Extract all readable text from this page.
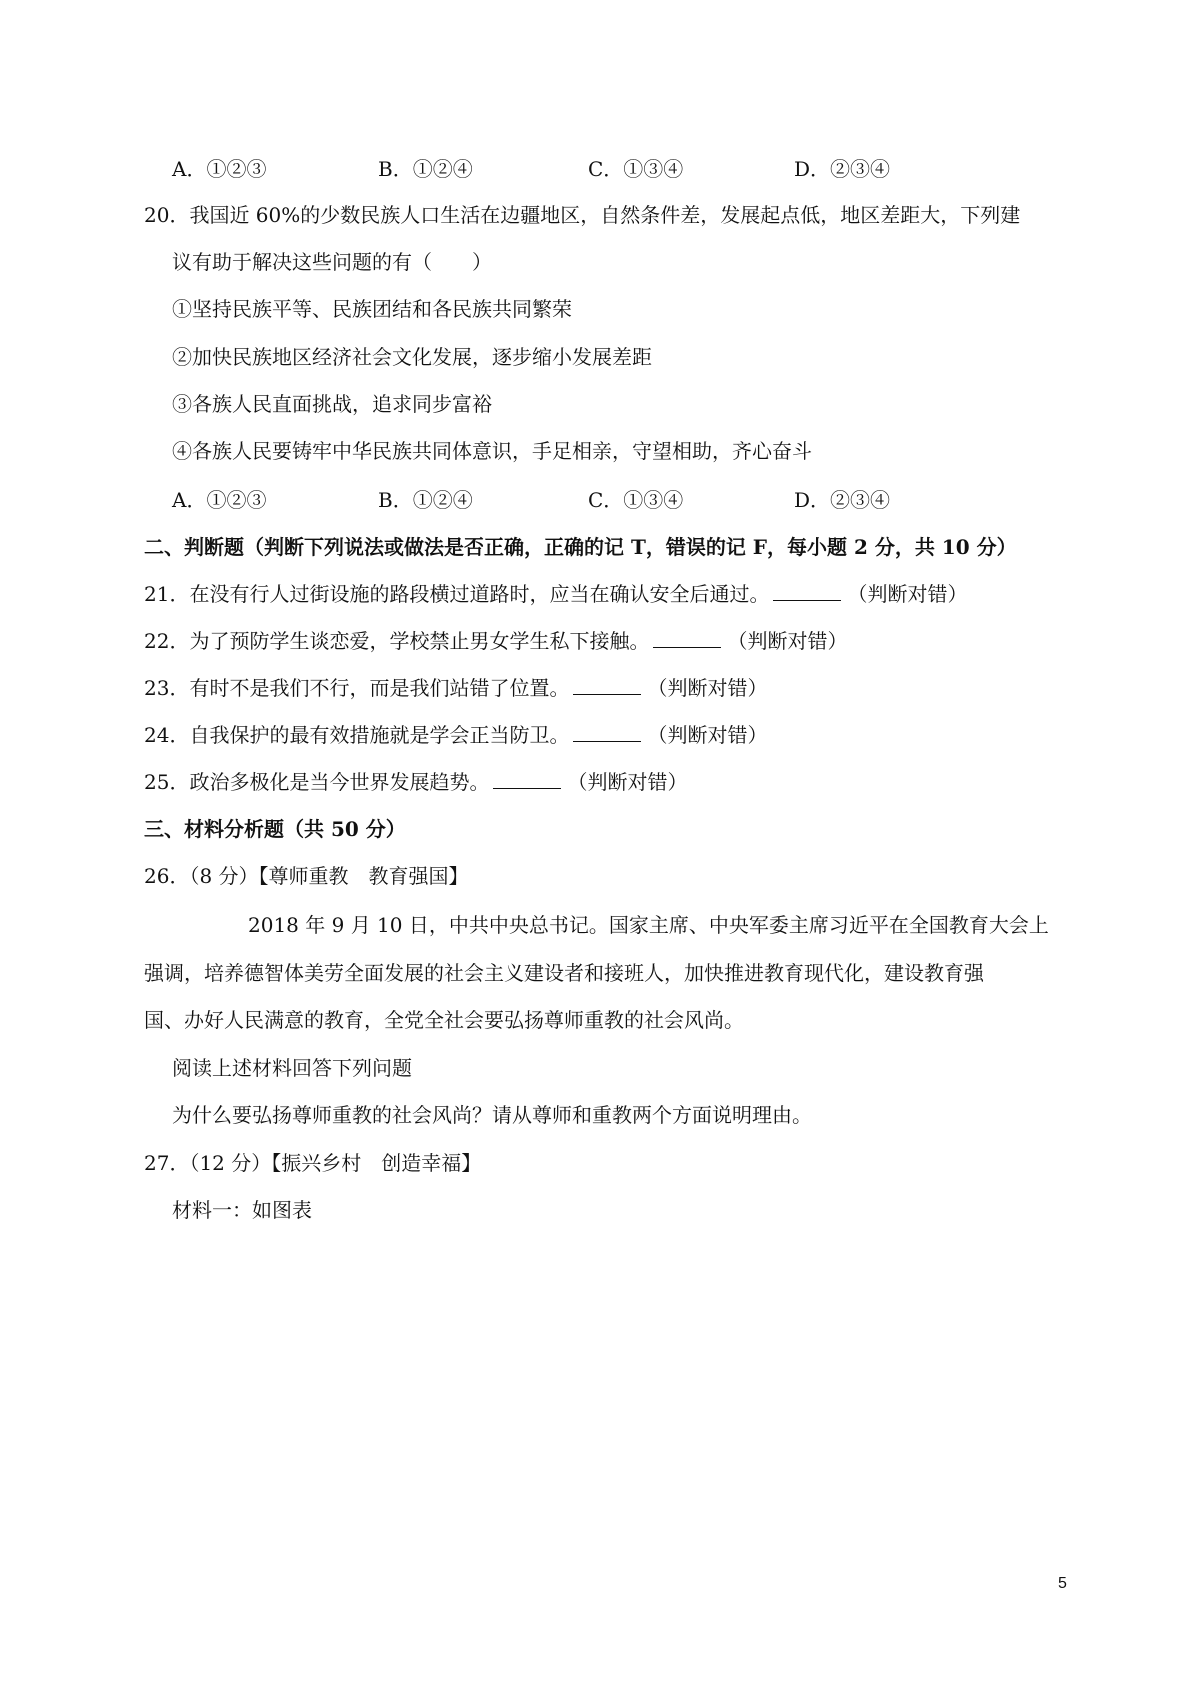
A．①②③	B．①②④	C．①③④	D．②③④
20．我国近 60%的少数民族人口生活在边疆地区，自然条件差，发展起点低，地区差距大，下列建
议有助于解决这些问题的有（　　）
①坚持民族平等、民族团结和各民族共同繁荣
②加快民族地区经济社会文化发展，逐步缩小发展差距
③各族人民直面挑战，追求同步富裕
④各族人民要铸牢中华民族共同体意识，手足相亲，守望相助，齐心奋斗
A．①②③	B．①②④	C．①③④	D．②③④
二、判断题（判断下列说法或做法是否正确，正确的记 T，错误的记 F，每小题 2 分，共 10 分）
21．在没有行人过街设施的路段横过道路时，应当在确认安全后通过。	（判断对错）
22．为了预防学生谈恋爱，学校禁止男女学生私下接触。	（判断对错）
23．有时不是我们不行，而是我们站错了位置。	（判断对错）
24．自我保护的最有效措施就是学会正当防卫。	（判断对错）
25．政治多极化是当今世界发展趋势。	（判断对错）
三、材料分析题（共 50 分）
26．（8 分）【尊师重教　教育强国】
2018 年 9 月 10 日，中共中央总书记。国家主席、中央军委主席习近平在全国教育大会上
强调，培养德智体美劳全面发展的社会主义建设者和接班人，加快推进教育现代化，建设教育强
国、办好人民满意的教育，全党全社会要弘扬尊师重教的社会风尚。
阅读上述材料回答下列问题
为什么要弘扬尊师重教的社会风尚？请从尊师和重教两个方面说明理由。
27．（12 分）【振兴乡村　创造幸福】
材料一：如图表
5
